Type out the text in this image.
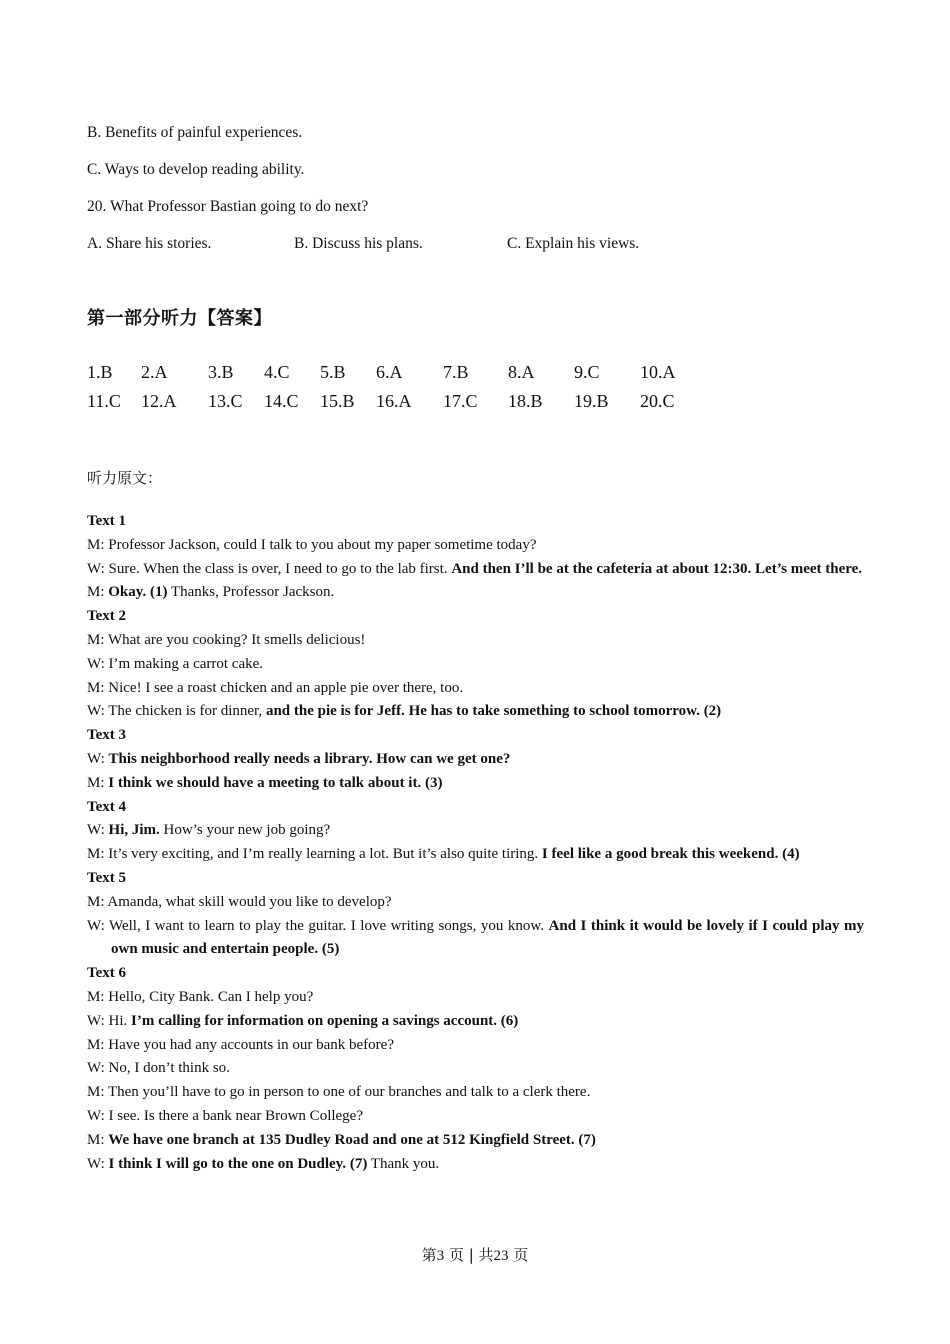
B. Benefits of painful experiences.
C. Ways to develop reading ability.
20. What Professor Bastian going to do next?
A. Share his stories.	B. Discuss his plans.	C. Explain his views.
第一部分听力【答案】
1.B 2.A 3.B 4.C 5.B 6.A 7.B 8.A 9.C 10.A
11.C 12.A 13.C 14.C 15.B 16.A 17.C 18.B 19.B 20.C
听力原文：
Text 1
M: Professor Jackson, could I talk to you about my paper sometime today?
W: Sure. When the class is over, I need to go to the lab first. And then I’ll be at the cafeteria at about 12:30. Let’s meet there.
M: Okay. (1) Thanks, Professor Jackson.
Text 2
M: What are you cooking? It smells delicious!
W: I’m making a carrot cake.
M: Nice! I see a roast chicken and an apple pie over there, too.
W: The chicken is for dinner, and the pie is for Jeff. He has to take something to school tomorrow. (2)
Text 3
W: This neighborhood really needs a library. How can we get one?
M: I think we should have a meeting to talk about it. (3)
Text 4
W: Hi, Jim. How’s your new job going?
M: It’s very exciting, and I’m really learning a lot. But it’s also quite tiring. I feel like a good break this weekend. (4)
Text 5
M: Amanda, what skill would you like to develop?
W: Well, I want to learn to play the guitar. I love writing songs, you know. And I think it would be lovely if I could play my own music and entertain people. (5)
Text 6
M: Hello, City Bank. Can I help you?
W: Hi. I’m calling for information on opening a savings account. (6)
M: Have you had any accounts in our bank before?
W: No, I don’t think so.
M: Then you’ll have to go in person to one of our branches and talk to a clerk there.
W: I see. Is there a bank near Brown College?
M: We have one branch at 135 Dudley Road and one at 512 Kingfield Street. (7)
W: I think I will go to the one on Dudley. (7) Thank you.
第3 页 | 共23 页
